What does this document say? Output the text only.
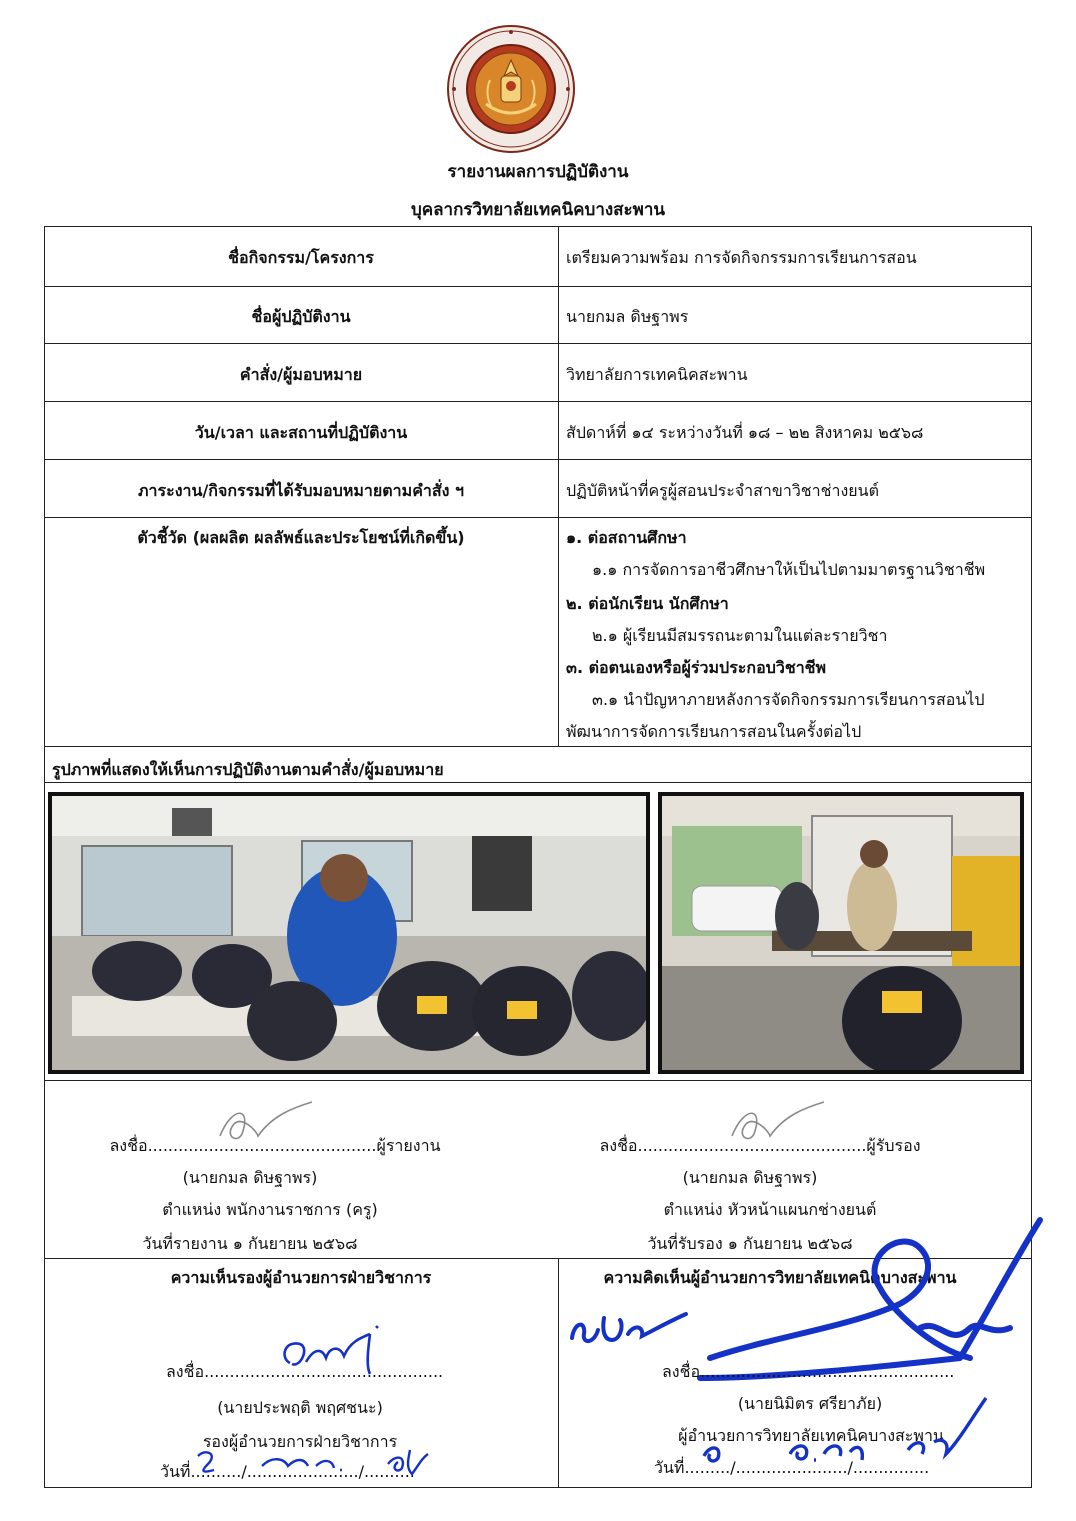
รายงานผลการปฏิบัติงาน
บุคลากรวิทยาลัยเทคนิคบางสะพาน
ชื่อกิจกรรม/โครงการ	เตรียมความพร้อม การจัดกิจกรรมการเรียนการสอน
ชื่อผู้ปฏิบัติงาน	นายกมล ดิษฐาพร
คำสั่ง/ผู้มอบหมาย	วิทยาลัยการเทคนิคสะพาน
วัน/เวลา และสถานที่ปฏิบัติงาน	สัปดาห์ที่ ๑๔ ระหว่างวันที่ ๑๘ – ๒๒ สิงหาคม ๒๕๖๘
ภาระงาน/กิจกรรมที่ได้รับมอบหมายตามคำสั่ง ฯ	ปฏิบัติหน้าที่ครูผู้สอนประจำสาขาวิชาช่างยนต์
ตัวชี้วัด (ผลผลิต ผลลัพธ์และประโยชน์ที่เกิดขึ้น)	๑. ต่อสถานศึกษา
๑.๑ การจัดการอาชีวศึกษาให้เป็นไปตามมาตรฐานวิชาชีพ
๒. ต่อนักเรียน นักศึกษา
๒.๑ ผู้เรียนมีสมรรถนะตามในแต่ละรายวิชา
๓. ต่อตนเองหรือผู้ร่วมประกอบวิชาชีพ
๓.๑ นำปัญหาภายหลังการจัดกิจกรรมการเรียนการสอนไป
พัฒนาการจัดการเรียนการสอนในครั้งต่อไป
รูปภาพที่แสดงให้เห็นการปฏิบัติงานตามคำสั่ง/ผู้มอบหมาย
ลงชื่อ.............................................ผู้รายงาน
(นายกมล ดิษฐาพร)
ตำแหน่ง พนักงานราชการ (ครู)
วันที่รายงาน ๑ กันยายน ๒๕๖๘
ลงชื่อ.............................................ผู้รับรอง
(นายกมล ดิษฐาพร)
ตำแหน่ง หัวหน้าแผนกช่างยนต์
วันที่รับรอง ๑ กันยายน ๒๕๖๘
ความเห็นรองผู้อำนวยการฝ่ายวิชาการ
ลงชื่อ...............................................
(นายประพฤติ พฤศชนะ)
รองผู้อำนวยการฝ่ายวิชาการ
วันที่........../....................../..........
ความคิดเห็นผู้อำนวยการวิทยาลัยเทคนิคบางสะพาน
ลงชื่อ..................................................
(นายนิมิตร ศรียาภัย)
ผู้อำนวยการวิทยาลัยเทคนิคบางสะพาน
วันที่........./....................../...............
